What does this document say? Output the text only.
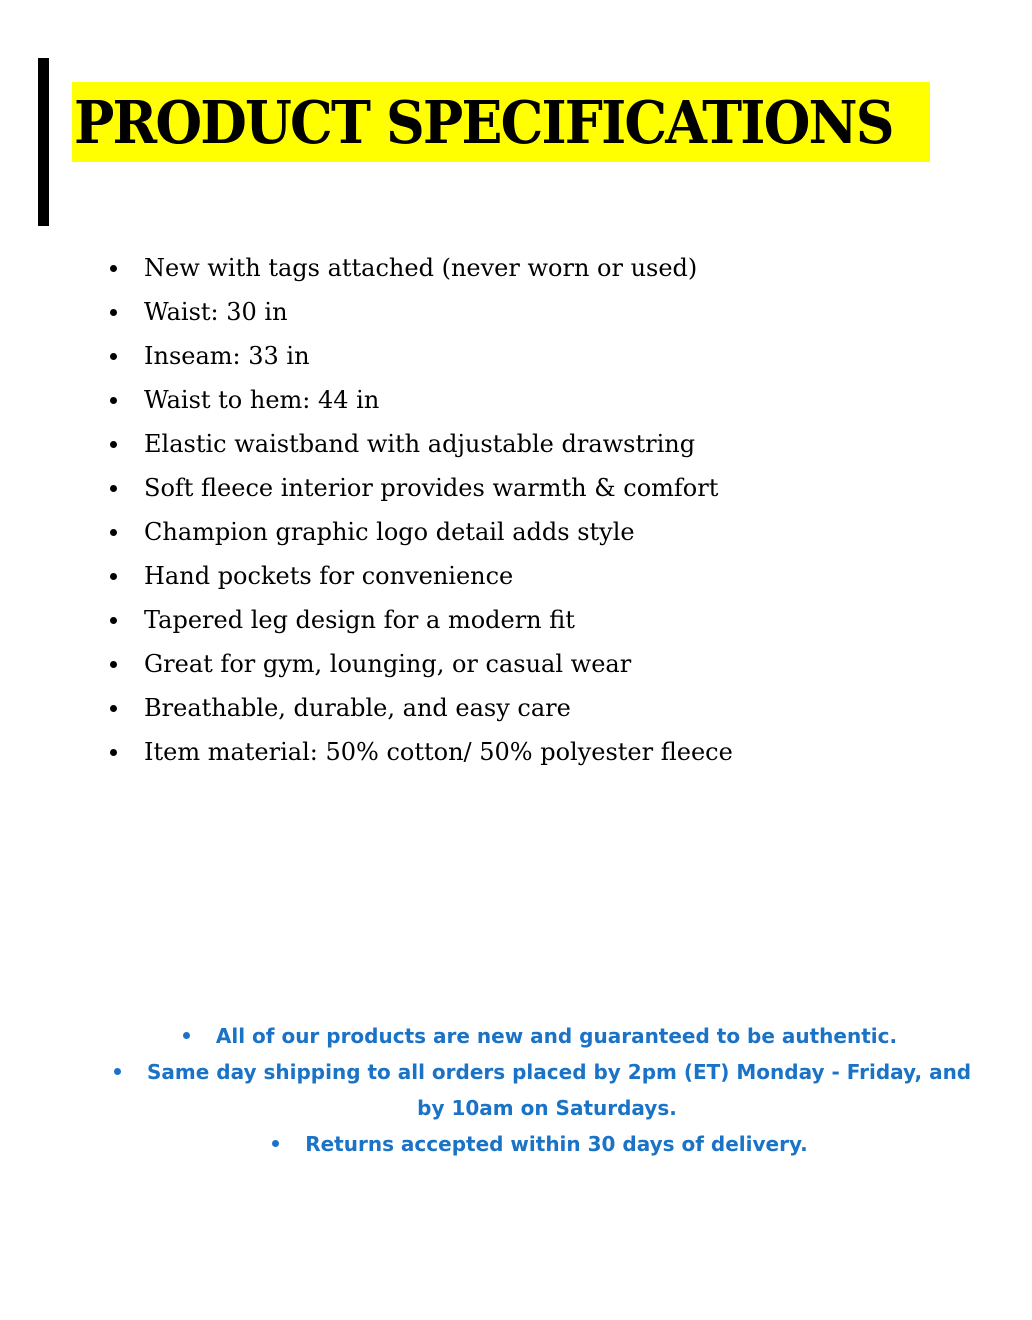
PRODUCT SPECIFICATIONS
New with tags attached (never worn or used)
Waist: 30 in
Inseam: 33 in
Waist to hem: 44 in
Elastic waistband with adjustable drawstring
Soft fleece interior provides warmth & comfort
Champion graphic logo detail adds style
Hand pockets for convenience
Tapered leg design for a modern fit
Great for gym, lounging, or casual wear
Breathable, durable, and easy care
Item material: 50% cotton/ 50% polyester fleece

All of our products are new and guaranteed to be authentic.

Same day shipping to all orders placed by 2pm (ET) Monday - Friday, and
by 10am on Saturdays.

Returns accepted within 30 days of delivery.
